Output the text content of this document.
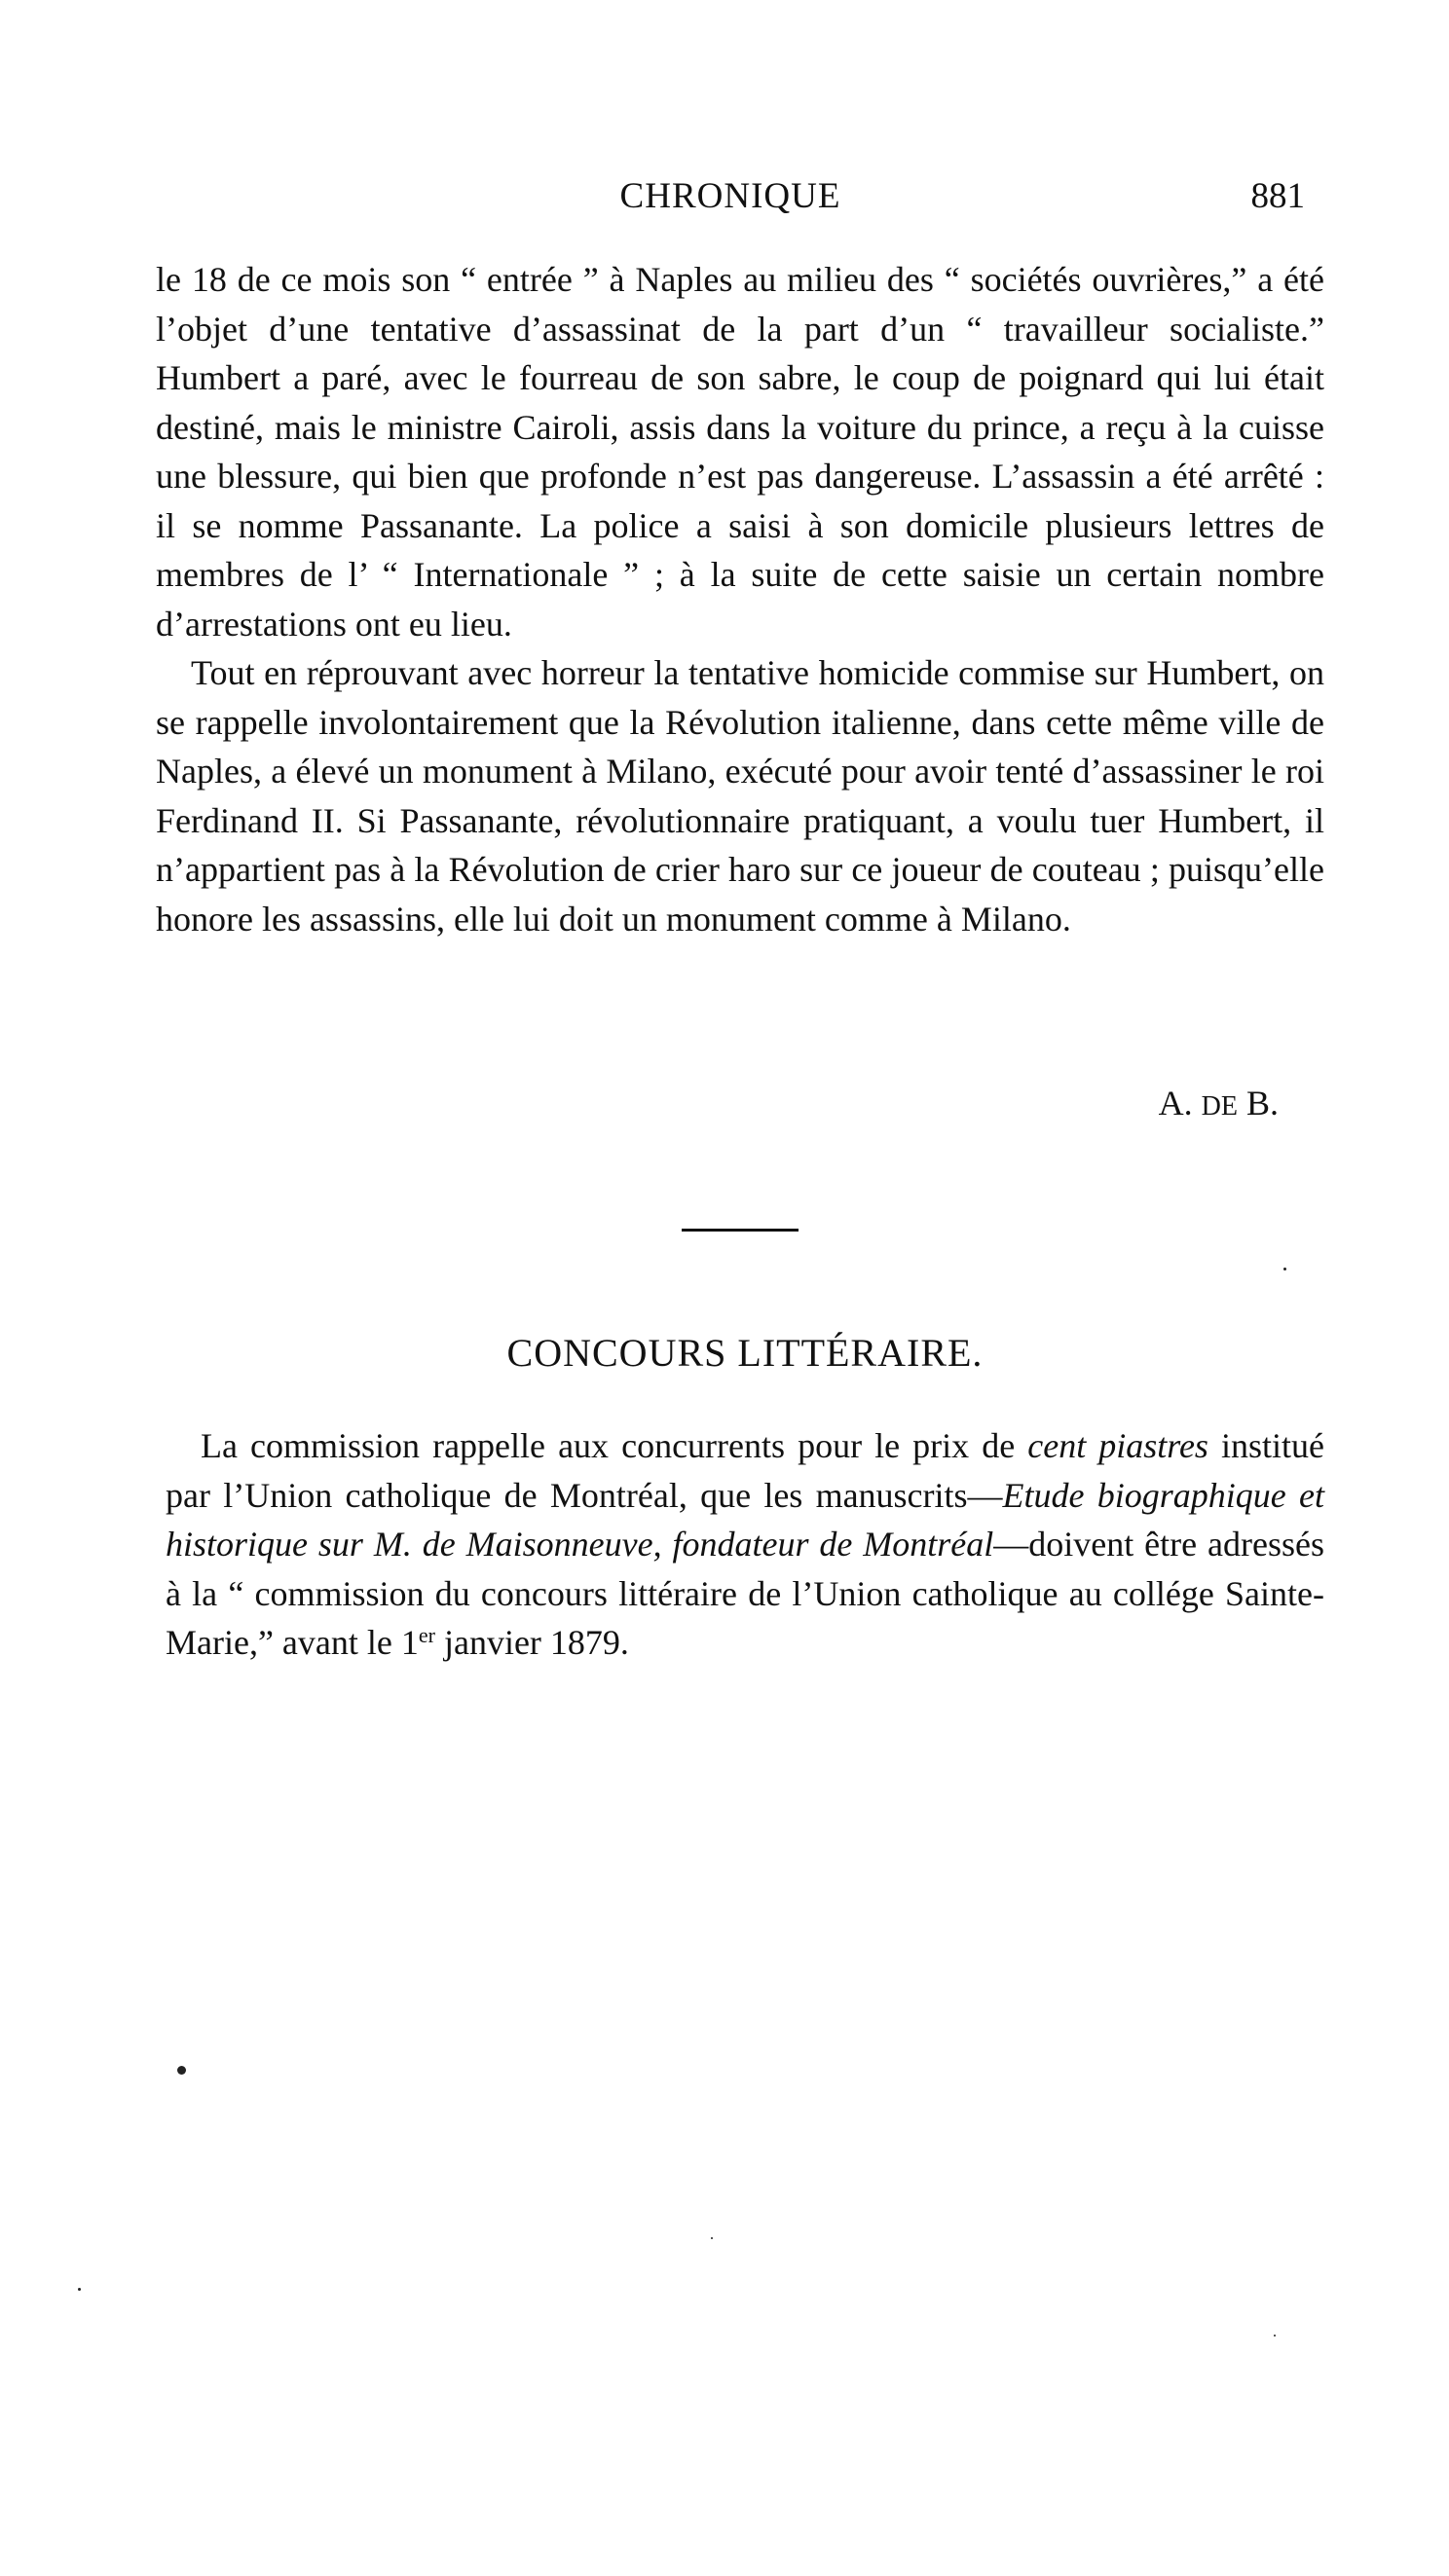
CHRONIQUE	881

le 18 de ce mois son “ entrée ” à Naples au milieu des “ sociétés ouvrières,” a été l’objet d’une tentative d’assassinat de la part d’un “ travailleur socialiste.” Humbert a paré, avec le fourreau de son sabre, le coup de poignard qui lui était destiné, mais le ministre Cairoli, assis dans la voiture du prince, a reçu à la cuisse une blessure, qui bien que profonde n’est pas dangereuse. L’assassin a été arrêté : il se nomme Passanante. La police a saisi à son domicile plusieurs lettres de membres de l’ “ Internationale ” ; à la suite de cette saisie un certain nombre d’arrestations ont eu lieu.

Tout en réprouvant avec horreur la tentative homicide commise sur Humbert, on se rappelle involontairement que la Révolution italienne, dans cette même ville de Naples, a élevé un monument à Milano, exécuté pour avoir tenté d’assassiner le roi Ferdinand II. Si Passanante, révolutionnaire pratiquant, a voulu tuer Humbert, il n’appartient pas à la Révolution de crier haro sur ce joueur de couteau ; puisqu’elle honore les assassins, elle lui doit un monument comme à Milano.

A. DE B.
CONCOURS LITTÉRAIRE.

La commission rappelle aux concurrents pour le prix de cent piastres institué par l’Union catholique de Montréal, que les manuscrits—Etude biographique et historique sur M. de Maisonneuve, fondateur de Montréal—doivent être adressés à la “ commission du concours littéraire de l’Union catholique au collége Sainte-Marie,” avant le 1er janvier 1879.
